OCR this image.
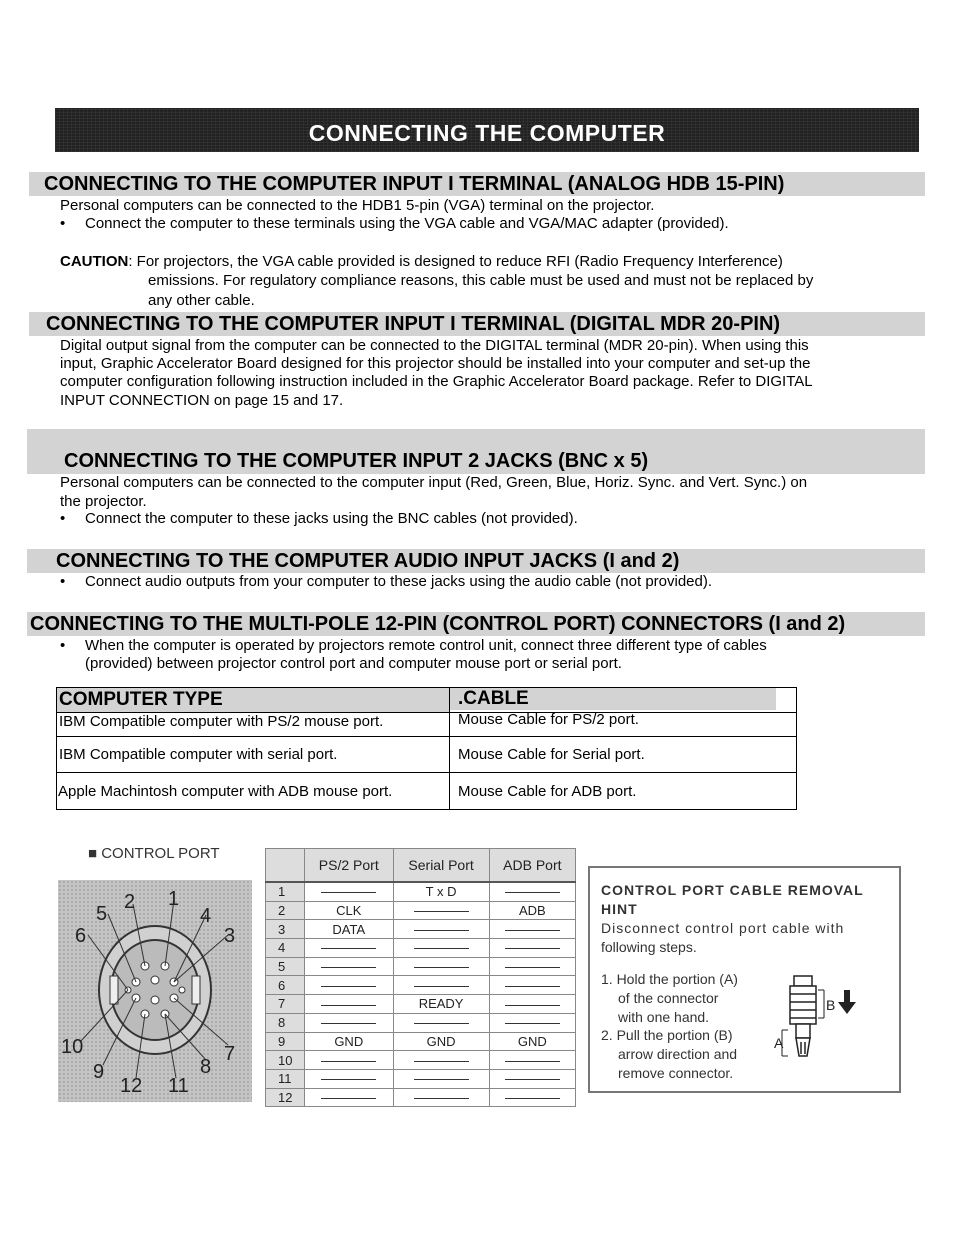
CONNECTING THE COMPUTER
CONNECTING TO THE COMPUTER INPUT I TERMINAL (ANALOG HDB 15-PIN)
Personal computers can be connected to the HDB1 5-pin (VGA) terminal on the projector.
• Connect the computer to these terminals using the VGA cable and VGA/MAC adapter (provided).
CAUTION: For projectors, the VGA cable provided is designed to reduce RFI (Radio Frequency Interference)
emissions. For regulatory compliance reasons, this cable must be used and must not be replaced by
any other cable.
CONNECTING TO THE COMPUTER INPUT I TERMINAL (DIGITAL MDR 20-PIN)
Digital output signal from the computer can be connected to the DIGITAL terminal (MDR 20-pin). When using this
input, Graphic Accelerator Board designed for this projector should be installed into your computer and set-up the
computer configuration following instruction included in the Graphic Accelerator Board package. Refer to DIGITAL
INPUT CONNECTION on page 15 and 17.
CONNECTING TO THE COMPUTER INPUT 2 JACKS (BNC x 5)
Personal computers can be connected to the computer input (Red, Green, Blue, Horiz. Sync. and Vert. Sync.) on
the projector.
• Connect the computer to these jacks using the BNC cables (not provided).
CONNECTING TO THE COMPUTER AUDIO INPUT JACKS (I and 2)
• Connect audio outputs from your computer to these jacks using the audio cable (not provided).
CONNECTING TO THE MULTI-POLE 12-PIN (CONTROL PORT) CONNECTORS (I and 2)
• When the computer is operated by projectors remote control unit, connect three different type of cables
(provided) between projector control port and computer mouse port or serial port.
COMPUTER TYPE	.CABLE

IBM Compatible computer with PS/2 mouse port.	Mouse Cable for PS/2 port.
IBM Compatible computer with serial port.	Mouse Cable for Serial port.
Apple Machintosh computer with ADB mouse port.	Mouse Cable for ADB port.
■ CONTROL PORT
1
2
3
4
5
6
7
8
9
10
11
12
	PS/2 Port	Serial Port	ADB Port
1		T x D	
2	CLK		ADB
3	DATA		
4			
5			
6			
7		READY	
8			
9	GND	GND	GND
10			
11			
12			
CONTROL PORT CABLE REMOVAL
HINT
Disconnect control port cable with
following steps.
1. Hold the portion (A)
of the connector
with one hand.
2. Pull the portion (B)
arrow direction and
remove connector.
B
A
